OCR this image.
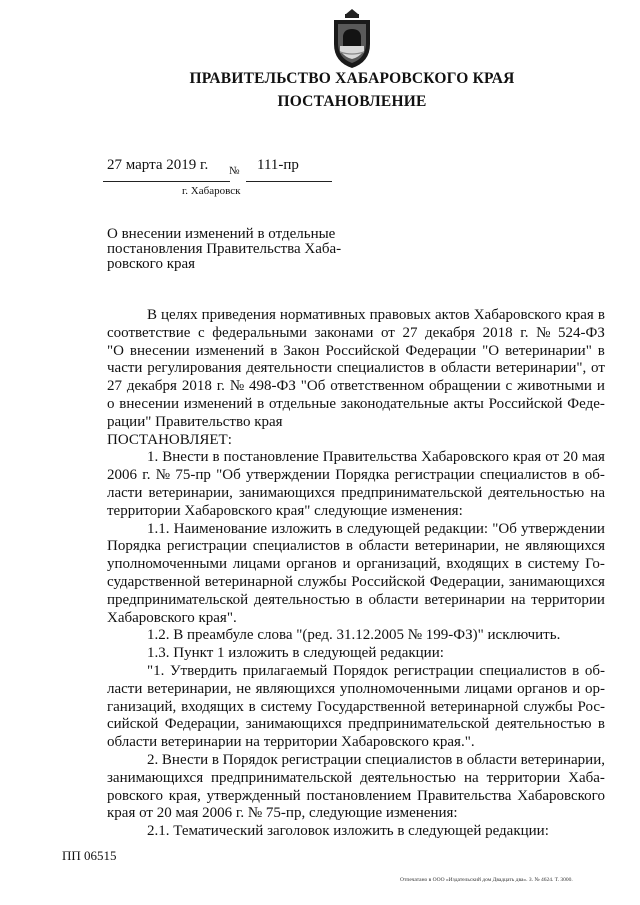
ПРАВИТЕЛЬСТВО ХАБАРОВСКОГО КРАЯ
ПОСТАНОВЛЕНИЕ
27 марта 2019 г. № 111-пр
г. Хабаровск
О внесении изменений в отдельные
постановления Правительства Хаба-
ровского края
В целях приведения нормативных правовых актов Хабаровского края в
соответствие с федеральными законами от 27 декабря 2018 г. № 524-ФЗ
"О внесении изменений в Закон Российской Федерации "О ветеринарии" в
части регулирования деятельности специалистов в области ветеринарии", от
27 декабря 2018 г. № 498-ФЗ "Об ответственном обращении с животными и
о внесении изменений в отдельные законодательные акты Российской Феде-
рации" Правительство края
ПОСТАНОВЛЯЕТ:
1. Внести в постановление Правительства Хабаровского края от 20 мая
2006 г. № 75-пр "Об утверждении Порядка регистрации специалистов в об-
ласти ветеринарии, занимающихся предпринимательской деятельностью на
территории Хабаровского края" следующие изменения:
1.1. Наименование изложить в следующей редакции: "Об утверждении
Порядка регистрации специалистов в области ветеринарии, не являющихся
уполномоченными лицами органов и организаций, входящих в систему Го-
сударственной ветеринарной службы Российской Федерации, занимающихся
предпринимательской деятельностью в области ветеринарии на территории
Хабаровского края".
1.2. В преамбуле слова "(ред. 31.12.2005 № 199-ФЗ)" исключить.
1.3. Пункт 1 изложить в следующей редакции:
"1. Утвердить прилагаемый Порядок регистрации специалистов в об-
ласти ветеринарии, не являющихся уполномоченными лицами органов и ор-
ганизаций, входящих в систему Государственной ветеринарной службы Рос-
сийской Федерации, занимающихся предпринимательской деятельностью в
области ветеринарии на территории Хабаровского края.".
2. Внести в Порядок регистрации специалистов в области ветеринарии,
занимающихся предпринимательской деятельностью на территории Хаба-
ровского края, утвержденный постановлением Правительства Хабаровского
края от 20 мая 2006 г. № 75-пр, следующие изменения:
2.1. Тематический заголовок изложить в следующей редакции:
ПП 06515
Отпечатано в ООО «Издательский дом Двадцать два». З. № 4624. Т. 3000.
